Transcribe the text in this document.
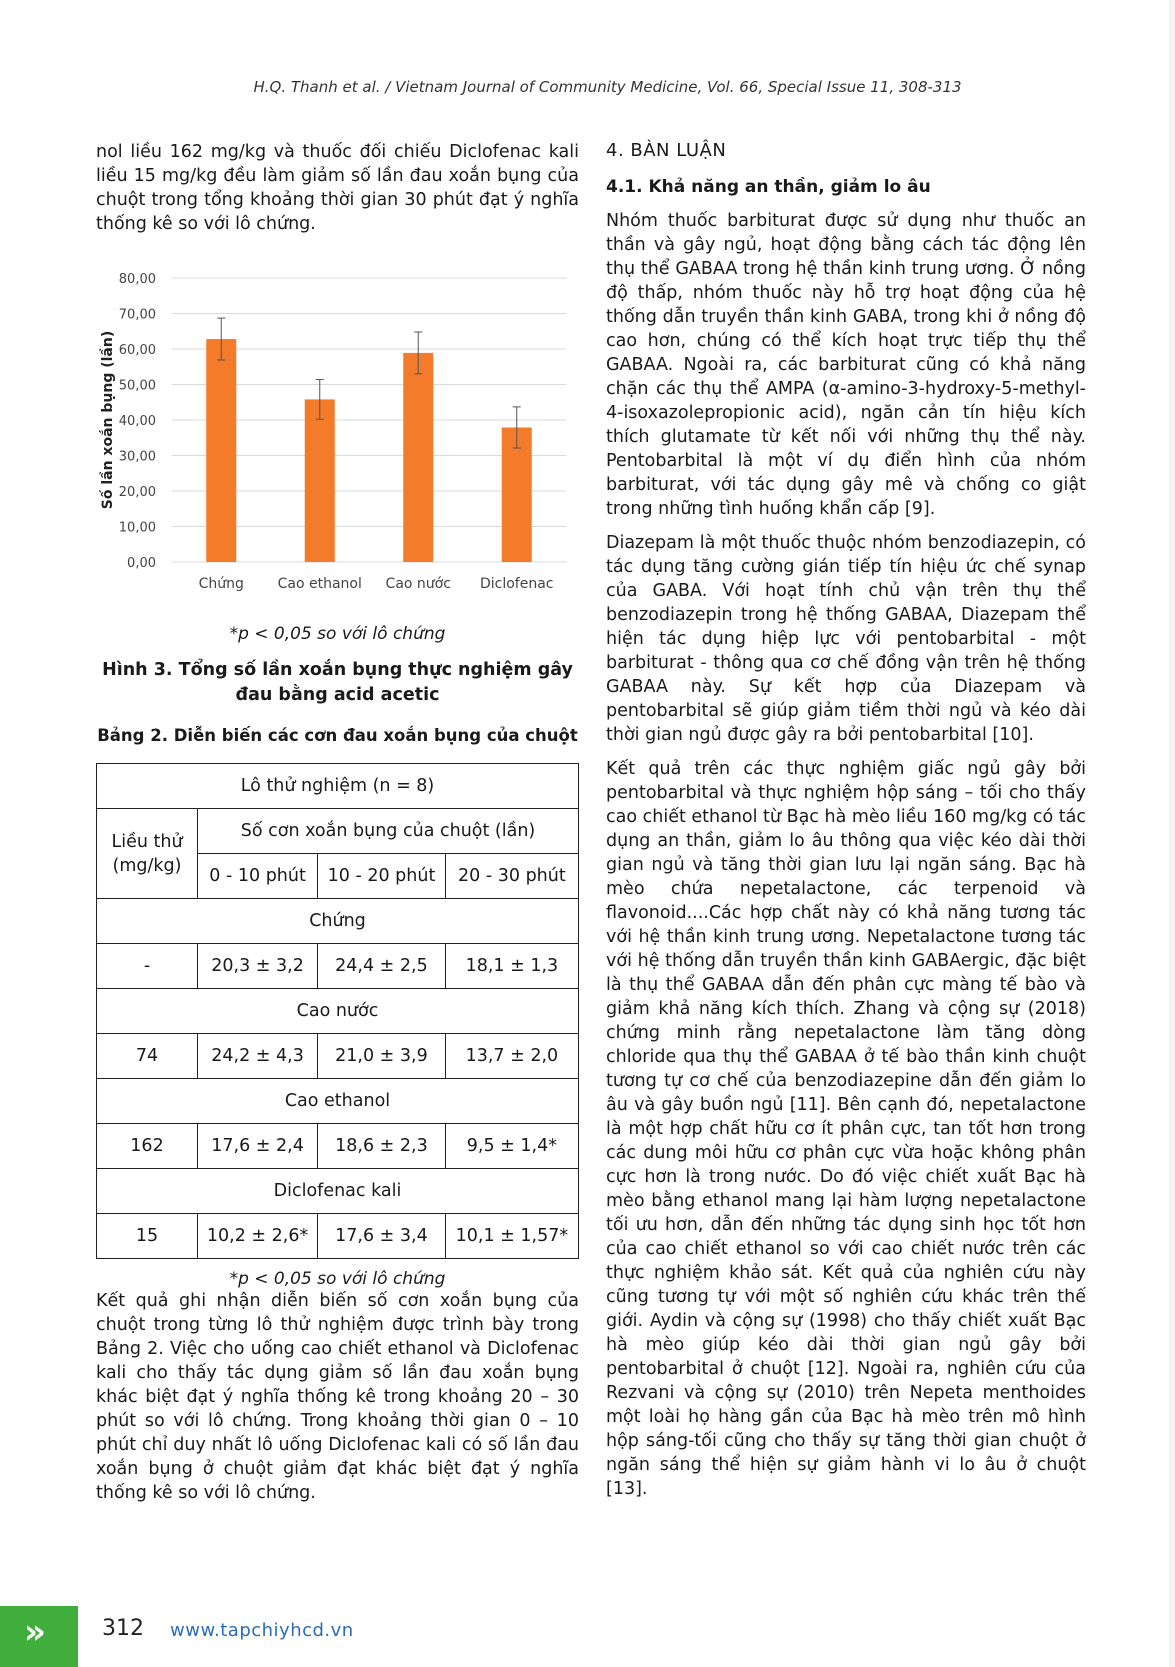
H.Q. Thanh et al. / Vietnam Journal of Community Medicine, Vol. 66, Special Issue 11, 308-313

nol liều 162 mg/kg và thuốc đối chiếu Diclofenac kali liều 15 mg/kg đều làm giảm số lần đau xoắn bụng của chuột trong tổng khoảng thời gian 30 phút đạt ý nghĩa thống kê so với lô chứng.

0,00
10,00
20,00
30,00
40,00
50,00
60,00
70,00
80,00
Số lần xoắn bụng (lần)
Chứng Cao ethanol Cao nước Diclofenac
*p < 0,05 so với lô chứng
Hình 3. Tổng số lần xoắn bụng thực nghiệm gây đau bằng acid acetic
Bảng 2. Diễn biến các cơn đau xoắn bụng của chuột
Lô thử nghiệm (n = 8)			
Liều thử (mg/kg)	Số cơn xoắn bụng của chuột (lần)		
	0 - 10 phút	10 - 20 phút	20 - 30 phút
Chứng			
-	20,3 ± 3,2	24,4 ± 2,5	18,1 ± 1,3
Cao nước			
74	24,2 ± 4,3	21,0 ± 3,9	13,7 ± 2,0
Cao ethanol			
162	17,6 ± 2,4	18,6 ± 2,3	9,5 ± 1,4*
Diclofenac kali			
15	10,2 ± 2,6*	17,6 ± 3,4	10,1 ± 1,57*
*p < 0,05 so với lô chứng

Kết quả ghi nhận diễn biến số cơn xoắn bụng của chuột trong từng lô thử nghiệm được trình bày trong Bảng 2. Việc cho uống cao chiết ethanol và Diclofenac kali cho thấy tác dụng giảm số lần đau xoắn bụng khác biệt đạt ý nghĩa thống kê trong khoảng 20 – 30 phút so với lô chứng. Trong khoảng thời gian 0 – 10 phút chỉ duy nhất lô uống Diclofenac kali có số lần đau xoắn bụng ở chuột giảm đạt khác biệt đạt ý nghĩa thống kê so với lô chứng.

4. BÀN LUẬN
4.1. Khả năng an thần, giảm lo âu

Nhóm thuốc barbiturat được sử dụng như thuốc an thần và gây ngủ, hoạt động bằng cách tác động lên thụ thể GABAA trong hệ thần kinh trung ương. Ở nồng độ thấp, nhóm thuốc này hỗ trợ hoạt động của hệ thống dẫn truyền thần kinh GABA, trong khi ở nồng độ cao hơn, chúng có thể kích hoạt trực tiếp thụ thể GABAA. Ngoài ra, các barbiturat cũng có khả năng chặn các thụ thể AMPA (α-amino-3-hydroxy-5-methyl-4-isoxazolepropionic acid), ngăn cản tín hiệu kích thích glutamate từ kết nối với những thụ thể này. Pentobarbital là một ví dụ điển hình của nhóm barbiturat, với tác dụng gây mê và chống co giật trong những tình huống khẩn cấp [9].

Diazepam là một thuốc thuộc nhóm benzodiazepin, có tác dụng tăng cường gián tiếp tín hiệu ức chế synap của GABA. Với hoạt tính chủ vận trên thụ thể benzodiazepin trong hệ thống GABAA, Diazepam thể hiện tác dụng hiệp lực với pentobarbital - một barbiturat - thông qua cơ chế đồng vận trên hệ thống GABAA này. Sự kết hợp của Diazepam và pentobarbital sẽ giúp giảm tiềm thời ngủ và kéo dài thời gian ngủ được gây ra bởi pentobarbital [10].

Kết quả trên các thực nghiệm giấc ngủ gây bởi pentobarbital và thực nghiệm hộp sáng – tối cho thấy cao chiết ethanol từ Bạc hà mèo liều 160 mg/kg có tác dụng an thần, giảm lo âu thông qua việc kéo dài thời gian ngủ và tăng thời gian lưu lại ngăn sáng. Bạc hà mèo chứa nepetalactone, các terpenoid và flavonoid....Các hợp chất này có khả năng tương tác với hệ thần kinh trung ương. Nepetalactone tương tác với hệ thống dẫn truyền thần kinh GABAergic, đặc biệt là thụ thể GABAA dẫn đến phân cực màng tế bào và giảm khả năng kích thích. Zhang và cộng sự (2018) chứng minh rằng nepetalactone làm tăng dòng chloride qua thụ thể GABAA ở tế bào thần kinh chuột tương tự cơ chế của benzodiazepine dẫn đến giảm lo âu và gây buồn ngủ [11]. Bên cạnh đó, nepetalactone là một hợp chất hữu cơ ít phân cực, tan tốt hơn trong các dung môi hữu cơ phân cực vừa hoặc không phân cực hơn là trong nước. Do đó việc chiết xuất Bạc hà mèo bằng ethanol mang lại hàm lượng nepetalactone tối ưu hơn, dẫn đến những tác dụng sinh học tốt hơn của cao chiết ethanol so với cao chiết nước trên các thực nghiệm khảo sát. Kết quả của nghiên cứu này cũng tương tự với một số nghiên cứu khác trên thế giới. Aydin và cộng sự (1998) cho thấy chiết xuất Bạc hà mèo giúp kéo dài thời gian ngủ gây bởi pentobarbital ở chuột [12]. Ngoài ra, nghiên cứu của Rezvani và cộng sự (2010) trên Nepeta menthoides một loài họ hàng gần của Bạc hà mèo trên mô hình hộp sáng-tối cũng cho thấy sự tăng thời gian chuột ở ngăn sáng thể hiện sự giảm hành vi lo âu ở chuột [13].

»	312 www.tapchiyhcd.vn
